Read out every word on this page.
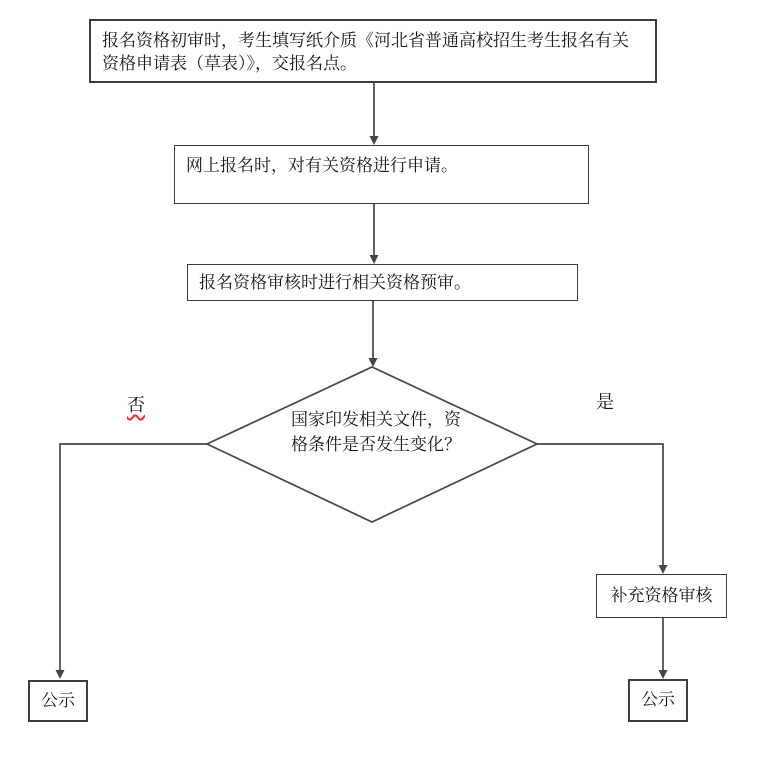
报名资格初审时，考生填写纸介质《河北省普通高校招生考生报名有关资格申请表（草表）》，交报名点。
网上报名时，对有关资格进行申请。
报名资格审核时进行相关资格预审。
国家印发相关文件，资格条件是否发生变化？
否	是
补充资格审核
公示	公示
